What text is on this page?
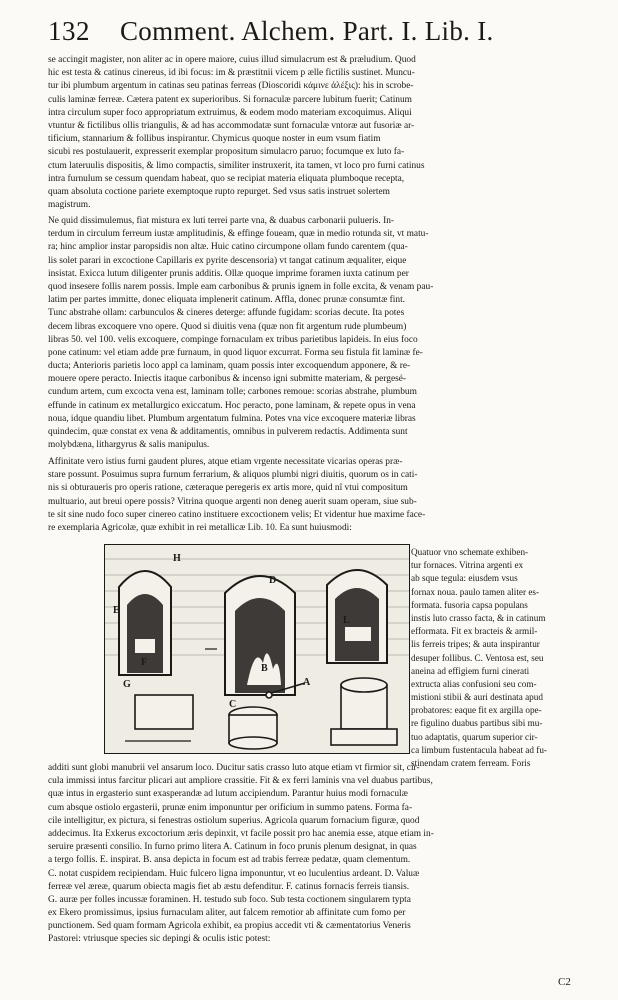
132 Comment. Alchem. Part. I. Lib. I.
se accingit magister, non aliter ac in opere maiore, cuius illud simulacrum est & præludium. Quod
hic est testa & catinus cinereus, id ibi focus: im & præstitnii vicem p ælle fictilis sustinet. Muncu-
tur ibi plumbum argentum in catinas seu patinas ferreas (Dioscoridi κάμινε ἀλέξις): his in scrobe-
culis laminæ ferreæ. Cætera patent ex superioribus. Si fornaculæ parcere lubitum fuerit; Catinum
intra circulum super foco appropriatum extruimus, & eodem modo materiam excoquimus. Aliqui
vtuntur & fictilibus ollis triangulis, & ad has accommodatæ sunt fornaculæ vntoræ aut fusoriæ ar-
tificium, stannarium & follibus inspirantur. Chymicus quoque noster in eum vsum fiatim
sicubi res postulauerit, expresserit exemplar propositum simulacro paruo; focumque ex luto fa-
ctum lateruulis dispositis, & limo compactis, similiter instruxerit, ita tamen, vt loco pro furni catinus
intra furnulum se cessum quendam habeat, quo se recipiat materia eliquata plumboque recepta,
quam absoluta coctione pariete exemptoque rupto repurget. Sed vsus satis instruet solertem
magistrum.
Ne quid dissimulemus, fiat mistura ex luti terrei parte vna, & duabus carbonarii pulueris. In-
terdum in circulum ferreum iustæ amplitudinis, & effinge foueam, quæ in medio rotunda sit, vt matu-
ra; hinc amplior instar paropsidis non altæ. Huic catino circumpone ollam fundo carentem (qua-
lis solet parari in excoctione Capillaris ex pyrite descensoria) vt tangat catinum æqualiter, eique
insistat. Exicca lutum diligenter prunis additis. Ollæ quoque imprime foramen iuxta catinum per
quod insesere follis narem possis. Imple eam carbonibus & prunis ignem in folle excita, & venam pau-
latim per partes immitte, donec eliquata implenerit catinum. Affla, donec prunæ consumtæ fint.
Tunc abstrahe ollam: carbunculos & cineres deterge: affunde fugidam: scorias decute. Ita potes
decem libras excoquere vno opere. Quod si diuitis vena (quæ non fit argentum rude plumbeum)
libras 50. vel 100. velis excoquere, compinge fornaculam ex tribus parietibus lapideis. In eius foco
pone catinum: vel etiam adde præ furnaum, in quod liquor excurrat. Forma seu fistula fit laminæ fe-
ducta; Anterioris parietis loco appl ca laminam, quam possis inter excoquendum apponere, & re-
mouere opere peracto. Iniectis itaque carbonibus & incenso igni submitte materiam, & pergesé-
cundum artem, cum excocta vena est, laminam tolle; carbones remoue: scorias abstrahe, plumbum
effunde in catinum ex metallurgico exiccatum. Hoc peracto, pone laminam, & repete opus in vena
noua, idque quandiu libet. Plumbum argentatum fulmina. Potes vna vice excoquere materiæ libras
quindecim, quæ constat ex vena & additamentis, omnibus in pulverem redactis. Addimenta sunt
molybdæna, lithargyrus & salis manipulus.
Affinitate vero istius furni gaudent plures, atque etiam vrgente necessitate vicarias operas præ-
stare possunt. Posuimus supra furnum ferrarium, & aliquos plumbi nigri diuitis, quorum os in cati-
nis si obturaueris pro operis ratione, cæteraque peregeris ex artis more, quid nî vtui compositum
multuario, aut breui opere possis? Vitrina quoque argenti non deneg auerit suam operam, siue sub-
te sit sine nudo foco super cinereo catino instituere excoctionem velis; Et videntur hue maxime face-
re exemplaria Agricolæ, quæ exhibit in rei metallicæ Lib. 10. Ea sunt huiusmodi:
H
E
F
G
D
B
C
A
L
Quatuor vno schemate exhiben-
tur fornaces. Vitrina argenti ex
ab sque tegula: eiusdem vsus
fornax noua. paulo tamen aliter es-
formata. fusoria capsa populans
instis luto crasso facta, & in catinum
efformata. Fit ex bracteis & armil-
lis ferreis tripes; & auta inspirantur
desuper follibus. C. Ventosa est, seu
aneina ad effigiem furni cinerati
extructa alias confusioni seu com-
mistioni stibii & auri destinata apud
probatores: eaque fit ex argilla ope-
re figulino duabus partibus sibi mu-
tuo adaptatis, quarum superior cir-
ca limbum fustentacula habeat ad fu-
stinendam cratem ferream. Foris
additi sunt globi manubrii vel ansarum loco. Ducitur satis crasso luto atque etiam vt firmior sit, cir-
cula immissi intus farcitur plicari aut ampliore crassitie. Fit & ex ferri laminis vna vel duabus partibus,
quæ intus in ergasterio sunt exasperandæ ad lutum accipiendum. Parantur huius modi fornaculæ
cum absque ostiolo ergasterii, prunæ enim imponuntur per orificium in summo patens. Forma fa-
cile intelligitur, ex pictura, si fenestras ostiolum superius. Agricola quarum fornacium figuræ, quod
addecimus. Ita Exkerus excoctorium æris depinxit, vt facile possit pro hac anemia esse, atque etiam in-
seruire præsenti consilio. In furno primo litera A. Catinum in foco prunis plenum designat, in quas
a tergo follis. E. inspirat. B. ansa depicta in focum est ad trabis ferreæ pedatæ, quam clementum.
C. notat cuspidem recipiendam. Huic fulcero ligna imponuntur, vt eo luculentius ardeant. D. Valuæ
ferreæ vel æreæ, quarum obiecta magis fiet ab æstu defenditur. F. catinus fornacis ferreis tiansis.
G. auræ per folles incussæ foraminen. H. testudo sub foco. Sub testa coctionem singularem typta
ex Ekero promissimus, ipsius furnaculam aliter, aut falcem remotior ab affinitate cum fomo per
punctionem. Sed quam formam Agricola exhibit, ea propius accedit vti & cæmentatorius Veneris
Pastorei: vtriusque species sic depingi & oculis istic potest:
C2
